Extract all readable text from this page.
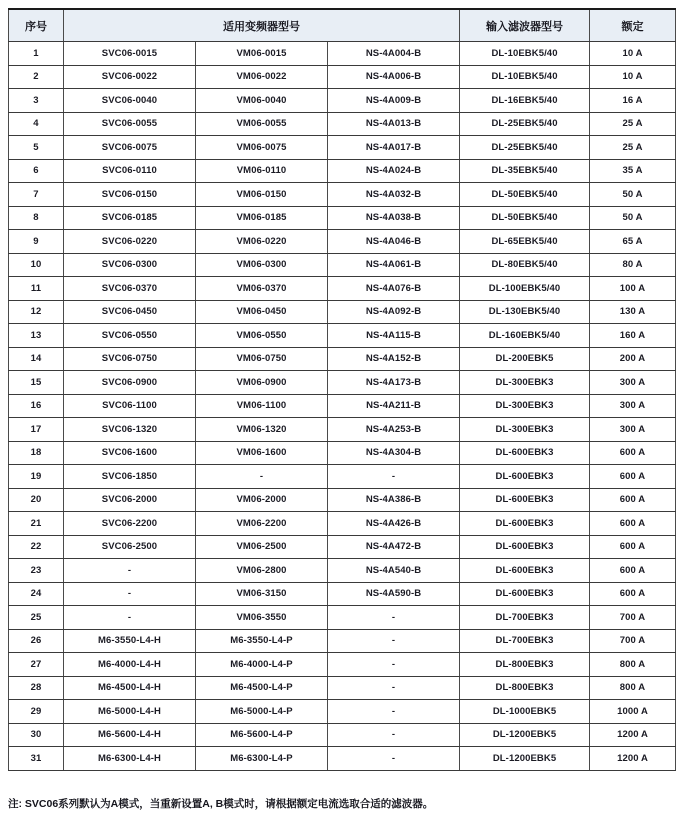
序号	适用变频器型号			输入滤波器型号	额定
1	SVC06-0015	VM06-0015	NS-4A004-B	DL-10EBK5/40	10 A
2	SVC06-0022	VM06-0022	NS-4A006-B	DL-10EBK5/40	10 A
3	SVC06-0040	VM06-0040	NS-4A009-B	DL-16EBK5/40	16 A
4	SVC06-0055	VM06-0055	NS-4A013-B	DL-25EBK5/40	25 A
5	SVC06-0075	VM06-0075	NS-4A017-B	DL-25EBK5/40	25 A
6	SVC06-0110	VM06-0110	NS-4A024-B	DL-35EBK5/40	35 A
7	SVC06-0150	VM06-0150	NS-4A032-B	DL-50EBK5/40	50 A
8	SVC06-0185	VM06-0185	NS-4A038-B	DL-50EBK5/40	50 A
9	SVC06-0220	VM06-0220	NS-4A046-B	DL-65EBK5/40	65 A
10	SVC06-0300	VM06-0300	NS-4A061-B	DL-80EBK5/40	80 A
11	SVC06-0370	VM06-0370	NS-4A076-B	DL-100EBK5/40	100 A
12	SVC06-0450	VM06-0450	NS-4A092-B	DL-130EBK5/40	130 A
13	SVC06-0550	VM06-0550	NS-4A115-B	DL-160EBK5/40	160 A
14	SVC06-0750	VM06-0750	NS-4A152-B	DL-200EBK5	200 A
15	SVC06-0900	VM06-0900	NS-4A173-B	DL-300EBK3	300 A
16	SVC06-1100	VM06-1100	NS-4A211-B	DL-300EBK3	300 A
17	SVC06-1320	VM06-1320	NS-4A253-B	DL-300EBK3	300 A
18	SVC06-1600	VM06-1600	NS-4A304-B	DL-600EBK3	600 A
19	SVC06-1850	-	-	DL-600EBK3	600 A
20	SVC06-2000	VM06-2000	NS-4A386-B	DL-600EBK3	600 A
21	SVC06-2200	VM06-2200	NS-4A426-B	DL-600EBK3	600 A
22	SVC06-2500	VM06-2500	NS-4A472-B	DL-600EBK3	600 A
23	-	VM06-2800	NS-4A540-B	DL-600EBK3	600 A
24	-	VM06-3150	NS-4A590-B	DL-600EBK3	600 A
25	-	VM06-3550	-	DL-700EBK3	700 A
26	M6-3550-L4-H	M6-3550-L4-P	-	DL-700EBK3	700 A
27	M6-4000-L4-H	M6-4000-L4-P	-	DL-800EBK3	800 A
28	M6-4500-L4-H	M6-4500-L4-P	-	DL-800EBK3	800 A
29	M6-5000-L4-H	M6-5000-L4-P	-	DL-1000EBK5	1000 A
30	M6-5600-L4-H	M6-5600-L4-P	-	DL-1200EBK5	1200 A
31	M6-6300-L4-H	M6-6300-L4-P	-	DL-1200EBK5	1200 A
注: SVC06系列默认为A模式，当重新设置A, B模式时，请根据额定电流选取合适的滤波器。
